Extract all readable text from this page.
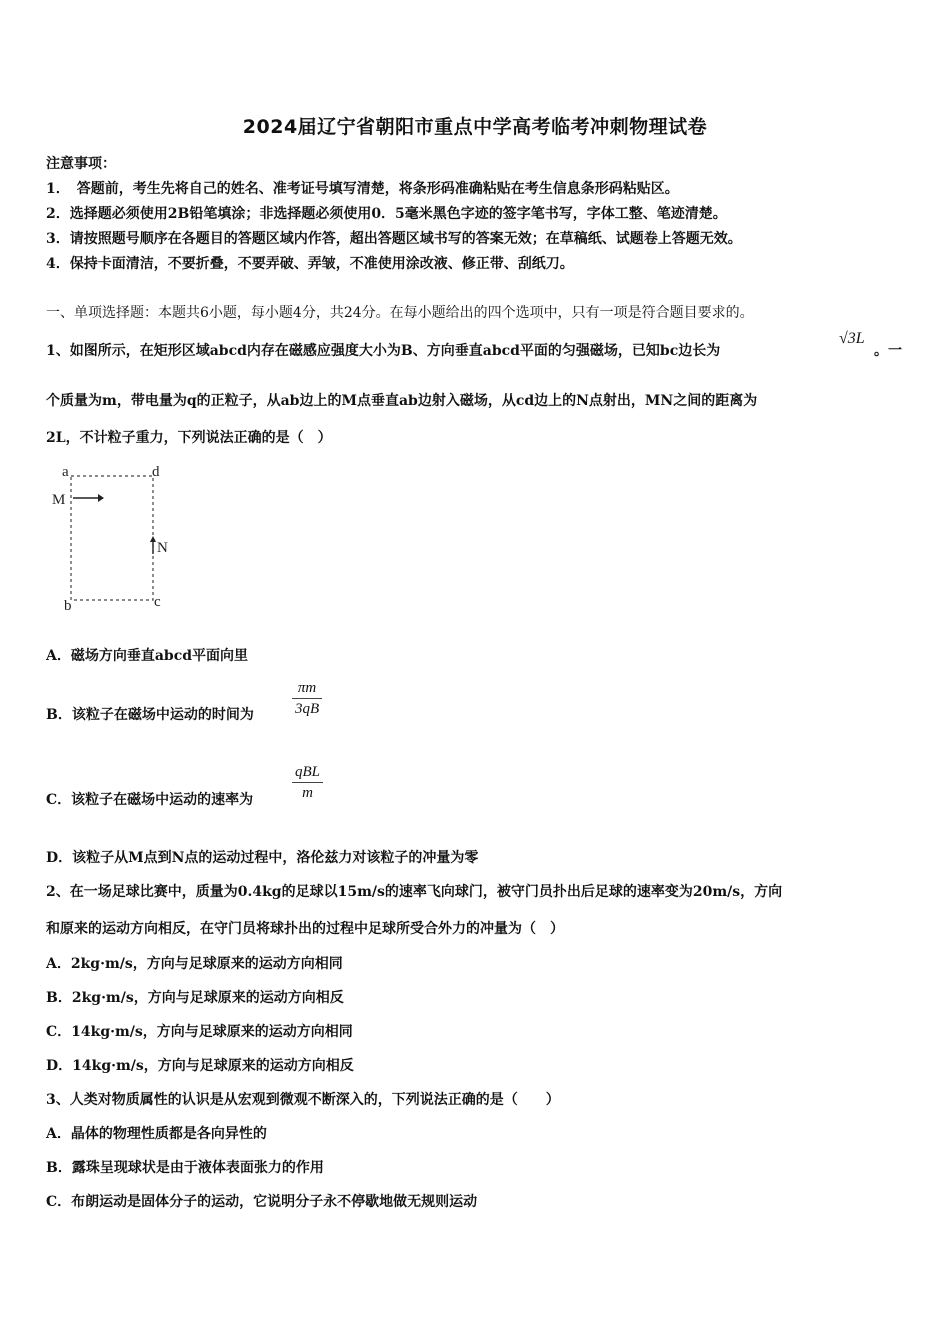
2024届辽宁省朝阳市重点中学高考临考冲刺物理试卷
注意事项：
1．　答题前，考生先将自己的姓名、准考证号填写清楚，将条形码准确粘贴在考生信息条形码粘贴区。
2．选择题必须使用2B铅笔填涂；非选择题必须使用0．5毫米黑色字迹的签字笔书写，字体工整、笔迹清楚。
3．请按照题号顺序在各题目的答题区域内作答，超出答题区域书写的答案无效；在草稿纸、试题卷上答题无效。
4．保持卡面清洁，不要折叠，不要弄破、弄皱，不准使用涂改液、修正带、刮纸刀。
一、单项选择题：本题共6小题，每小题4分，共24分。在每小题给出的四个选项中，只有一项是符合题目要求的。
1、如图所示，在矩形区域abcd内存在磁感应强度大小为B、方向垂直abcd平面的匀强磁场，已知bc边长为
√3L
。一
个质量为m，带电量为q的正粒子，从ab边上的M点垂直ab边射入磁场，从cd边上的N点射出，MN之间的距离为
2L，不计粒子重力，下列说法正确的是（　）
a	d
b	c
M
N
A．磁场方向垂直abcd平面向里
B．该粒子在磁场中运动的时间为	$\frac{\pi m}{3qB}$
C．该粒子在磁场中运动的速率为
qBL
m
D．该粒子从M点到N点的运动过程中，洛伦兹力对该粒子的冲量为零
2、在一场足球比赛中，质量为0.4kg的足球以15m/s的速率飞向球门，被守门员扑出后足球的速率变为20m/s，方向
和原来的运动方向相反，在守门员将球扑出的过程中足球所受合外力的冲量为（　）
A．2kg·m/s，方向与足球原来的运动方向相同
B．2kg·m/s，方向与足球原来的运动方向相反
C．14kg·m/s，方向与足球原来的运动方向相同
D．14kg·m/s，方向与足球原来的运动方向相反
3、人类对物质属性的认识是从宏观到微观不断深入的，下列说法正确的是（　　）
A．晶体的物理性质都是各向异性的
B．露珠呈现球状是由于液体表面张力的作用
C．布朗运动是固体分子的运动，它说明分子永不停歇地做无规则运动
